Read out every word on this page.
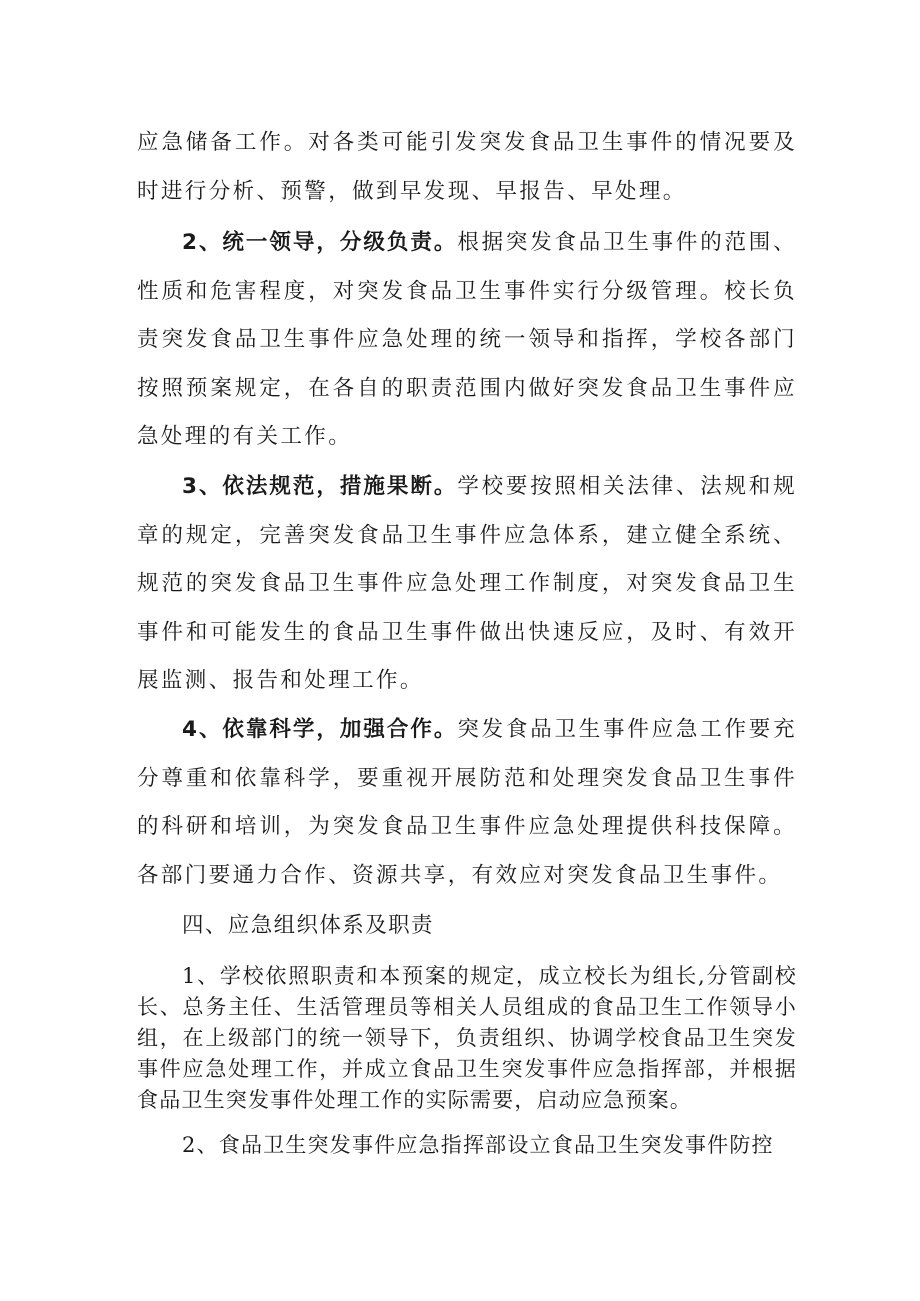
应急储备工作。对各类可能引发突发食品卫生事件的情况要及时进行分析、预警，做到早发现、早报告、早处理。

2、统一领导，分级负责。根据突发食品卫生事件的范围、性质和危害程度，对突发食品卫生事件实行分级管理。校长负责突发食品卫生事件应急处理的统一领导和指挥，学校各部门按照预案规定，在各自的职责范围内做好突发食品卫生事件应急处理的有关工作。

3、依法规范，措施果断。学校要按照相关法律、法规和规章的规定，完善突发食品卫生事件应急体系，建立健全系统、规范的突发食品卫生事件应急处理工作制度，对突发食品卫生事件和可能发生的食品卫生事件做出快速反应，及时、有效开展监测、报告和处理工作。

4、依靠科学，加强合作。突发食品卫生事件应急工作要充分尊重和依靠科学，要重视开展防范和处理突发食品卫生事件的科研和培训，为突发食品卫生事件应急处理提供科技保障。各部门要通力合作、资源共享，有效应对突发食品卫生事件。

四、应急组织体系及职责

1、学校依照职责和本预案的规定，成立校长为组长,分管副校长、总务主任、生活管理员等相关人员组成的食品卫生工作领导小组，在上级部门的统一领导下，负责组织、协调学校食品卫生突发事件应急处理工作，并成立食品卫生突发事件应急指挥部，并根据食品卫生突发事件处理工作的实际需要，启动应急预案。

2、食品卫生突发事件应急指挥部设立食品卫生突发事件防控
